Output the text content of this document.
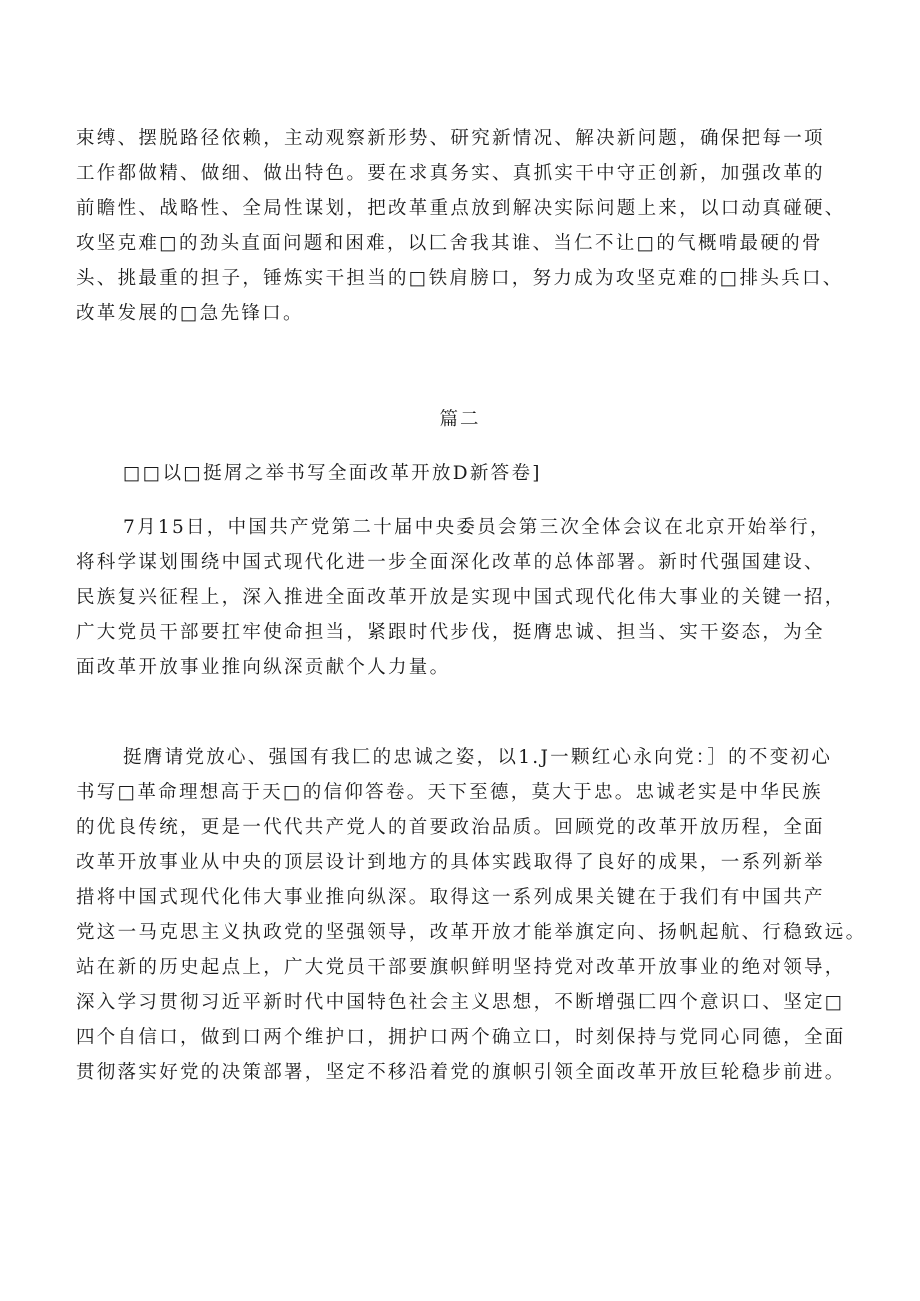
束缚、摆脱路径依赖，主动观察新形势、研究新情况、解决新问题，确保把每一项
工作都做精、做细、做出特色。要在求真务实、真抓实干中守正创新，加强改革的
前瞻性、战略性、全局性谋划，把改革重点放到解决实际问题上来，以口动真碰硬、
攻坚克难□的劲头直面问题和困难，以匚舍我其谁、当仁不让□的气概啃最硬的骨
头、挑最重的担子，锤炼实干担当的□铁肩膀口，努力成为攻坚克难的□排头兵口、
改革发展的□急先锋口。
篇二
□□以□挺屑之举书写全面改革开放D新答卷]
7月15日，中国共产党第二十届中央委员会第三次全体会议在北京开始举行，
将科学谋划围绕中国式现代化进一步全面深化改革的总体部署。新时代强国建设、
民族复兴征程上，深入推进全面改革开放是实现中国式现代化伟大事业的关键一招，
广大党员干部要扛牢使命担当，紧跟时代步伐，挺膺忠诚、担当、实干姿态，为全
面改革开放事业推向纵深贡献个人力量。
挺膺请党放心、强国有我匚的忠诚之姿，以1.J一颗红心永向党：］的不变初心
书写□革命理想高于天□的信仰答卷。天下至德，莫大于忠。忠诚老实是中华民族
的优良传统，更是一代代共产党人的首要政治品质。回顾党的改革开放历程，全面
改革开放事业从中央的顶层设计到地方的具体实践取得了良好的成果，一系列新举
措将中国式现代化伟大事业推向纵深。取得这一系列成果关键在于我们有中国共产
党这一马克思主义执政党的坚强领导，改革开放才能举旗定向、扬帆起航、行稳致远。
站在新的历史起点上，广大党员干部要旗帜鲜明坚持党对改革开放事业的绝对领导，
深入学习贯彻习近平新时代中国特色社会主义思想，不断增强匚四个意识口、坚定□
四个自信口，做到口两个维护口，拥护口两个确立口，时刻保持与党同心同德，全面
贯彻落实好党的决策部署，坚定不移沿着党的旗帜引领全面改革开放巨轮稳步前进。
